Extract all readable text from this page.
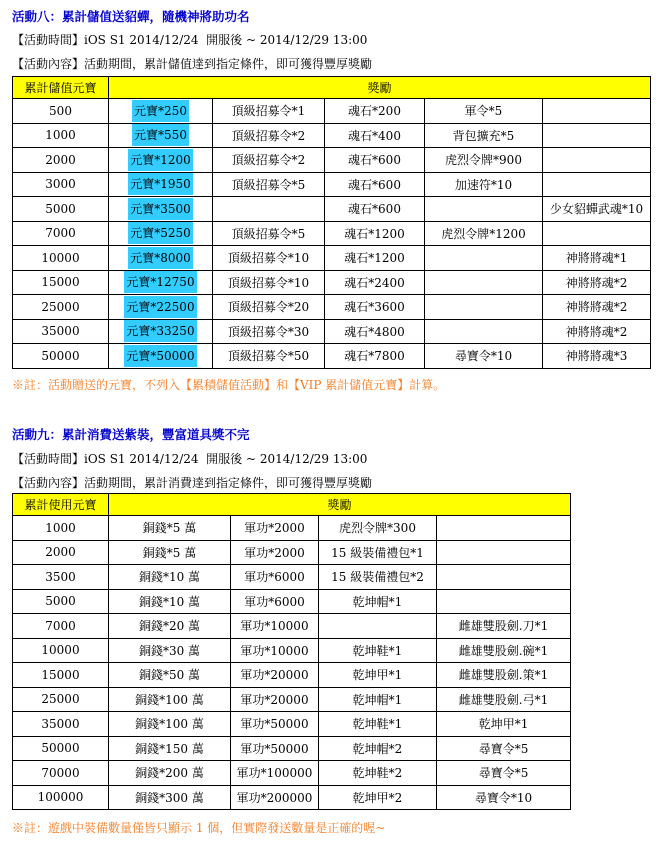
活動八：累計儲值送貂蟬，隨機神將助功名
【活動時間】iOS S1 2014/12/24  開服後 ~ 2014/12/29 13:00
【活動內容】活動期間，累計儲值達到指定條件，即可獲得豐厚獎勵
累計儲值元寶	獎勵				
500	元寶*250	頂級招募令*1	魂石*200	軍令*5	
1000	元寶*550	頂級招募令*2	魂石*400	背包擴充*5	
2000	元寶*1200	頂級招募令*2	魂石*600	虎烈令牌*900	
3000	元寶*1950	頂級招募令*5	魂石*600	加速符*10	
5000	元寶*3500		魂石*600		少女貂蟬武魂*10
7000	元寶*5250	頂級招募令*5	魂石*1200	虎烈令牌*1200	
10000	元寶*8000	頂級招募令*10	魂石*1200		神將將魂*1
15000	元寶*12750	頂級招募令*10	魂石*2400		神將將魂*2
25000	元寶*22500	頂級招募令*20	魂石*3600		神將將魂*2
35000	元寶*33250	頂級招募令*30	魂石*4800		神將將魂*2
50000	元寶*50000	頂級招募令*50	魂石*7800	尋寶令*10	神將將魂*3
※註：活動贈送的元寶，不列入【累積儲值活動】和【VIP 累計儲值元寶】計算。
活動九：累計消費送紫裝，豐富道具獎不完
【活動時間】iOS S1 2014/12/24  開服後 ~ 2014/12/29 13:00
【活動內容】活動期間，累計消費達到指定條件，即可獲得豐厚獎勵
累計使用元寶	獎勵			
1000	銅錢*5 萬	軍功*2000	虎烈令牌*300	
2000	銅錢*5 萬	軍功*2000	15 級裝備禮包*1	
3500	銅錢*10 萬	軍功*6000	15 級裝備禮包*2	
5000	銅錢*10 萬	軍功*6000	乾坤帽*1	
7000	銅錢*20 萬	軍功*10000		雌雄雙股劍.刀*1
10000	銅錢*30 萬	軍功*10000	乾坤鞋*1	雌雄雙股劍.碗*1
15000	銅錢*50 萬	軍功*20000	乾坤甲*1	雌雄雙股劍.策*1
25000	銅錢*100 萬	軍功*20000	乾坤帽*1	雌雄雙股劍.弓*1
35000	銅錢*100 萬	軍功*50000	乾坤鞋*1	乾坤甲*1
50000	銅錢*150 萬	軍功*50000	乾坤帽*2	尋寶令*5
70000	銅錢*200 萬	軍功*100000	乾坤鞋*2	尋寶令*5
100000	銅錢*300 萬	軍功*200000	乾坤甲*2	尋寶令*10
※註：遊戲中裝備數量僅皆只顯示 1 個，但實際發送數量是正確的喔~
